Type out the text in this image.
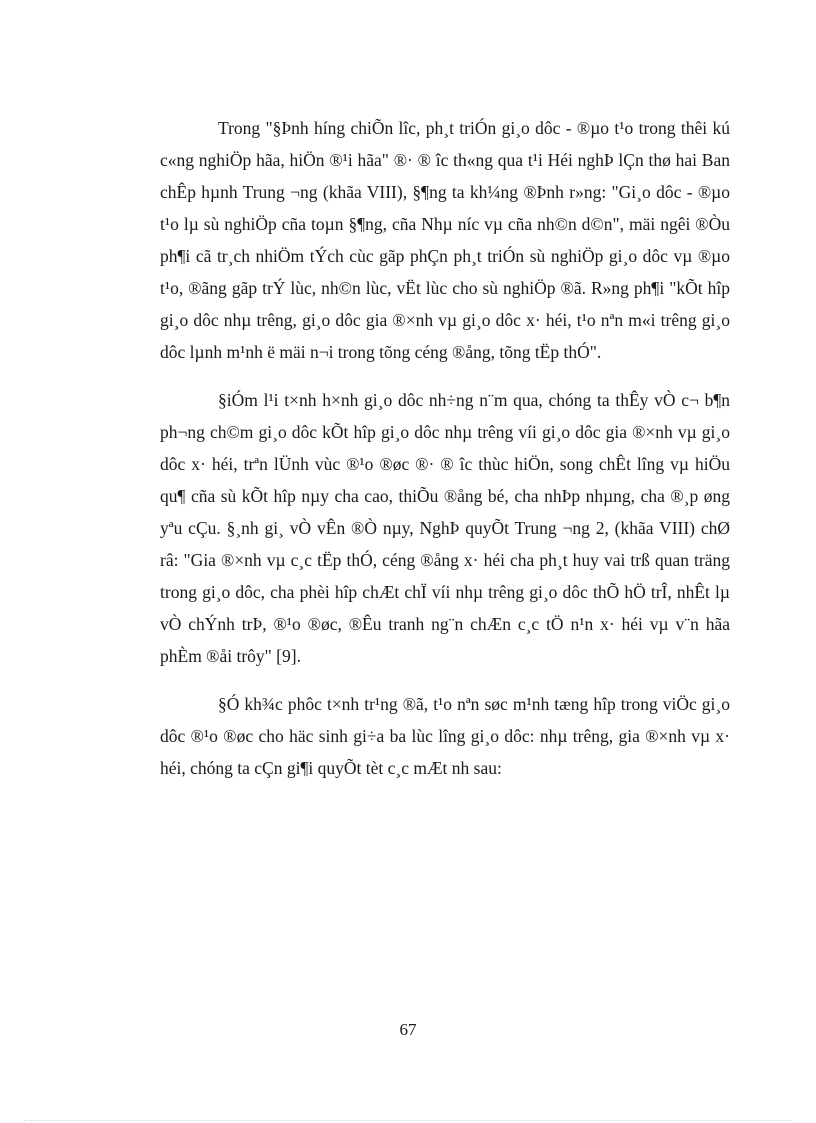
Trong "§Þnh híng chiÕn lîc, ph¸t triÓn gi¸o dôc - ®µo t¹o trong thêi kú c«ng nghiÖp hãa, hiÖn ®¹i hãa" ®· ® îc th«ng qua t¹i Héi nghÞ lÇn thø hai Ban chÊp hµnh Trung ¬ng (khãa VIII), §¶ng ta kh¼ng ®Þnh r»ng: "Gi¸o dôc - ®µo t¹o lµ sù nghiÖp cña toµn §¶ng, cña Nhµ níc vµ cña nh©n d©n", mäi ngêi ®Òu ph¶i cã tr¸ch nhiÖm tÝch cùc gãp phÇn ph¸t triÓn sù nghiÖp gi¸o dôc vµ ®µo t¹o, ®ãng gãp trÝ lùc, nh©n lùc, vËt lùc cho sù nghiÖp ®ã. R»ng ph¶i "kÕt hîp gi¸o dôc nhµ trêng, gi¸o dôc gia ®×nh vµ gi¸o dôc x· héi, t¹o nªn m«i trêng gi¸o dôc lµnh m¹nh ë mäi n¬i trong tõng céng ®ång, tõng tËp thÓ".

§iÓm l¹i t×nh h×nh gi¸o dôc nh÷ng n¨m qua, chóng ta thÊy vÒ c¬ b¶n ph¬ng ch©m gi¸o dôc kÕt hîp gi¸o dôc nhµ trêng víi gi¸o dôc gia ®×nh vµ gi¸o dôc x· héi, trªn lÜnh vùc ®¹o ®øc ®· ® îc thùc hiÖn, song chÊt lîng vµ hiÖu qu¶ cña sù kÕt hîp nµy cha cao, thiÕu ®ång bé, cha nhÞp nhµng, cha ®¸p øng yªu cÇu. §¸nh gi¸ vÒ vÊn ®Ò nµy, NghÞ quyÕt Trung ¬ng 2, (khãa VIII) chØ râ: "Gia ®×nh vµ c¸c tËp thÓ, céng ®ång x· héi cha ph¸t huy vai trß quan träng trong gi¸o dôc, cha phèi hîp chÆt chÏ víi nhµ trêng gi¸o dôc thÕ hÖ trÎ, nhÊt lµ vÒ chÝnh trÞ, ®¹o ®øc, ®Êu tranh ng¨n chÆn c¸c tÖ n¹n x· héi vµ v¨n hãa phÈm ®åi trôy" [9].

§Ó kh¾c phôc t×nh tr¹ng ®ã, t¹o nªn søc m¹nh tæng hîp trong viÖc gi¸o dôc ®¹o ®øc cho häc sinh gi÷a ba lùc lîng gi¸o dôc: nhµ trêng, gia ®×nh vµ x· héi, chóng ta cÇn gi¶i quyÕt tèt c¸c mÆt nh sau:

67
